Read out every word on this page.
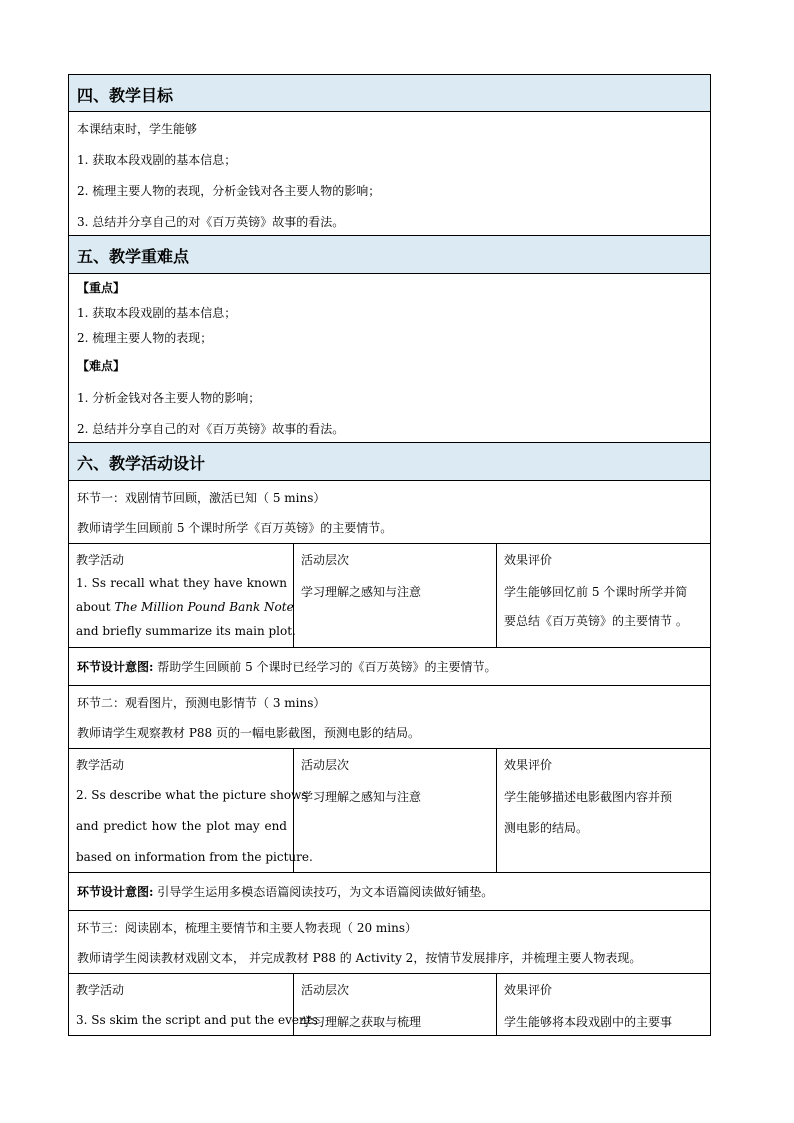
四、教学目标
本课结束时，学生能够
1. 获取本段戏剧的基本信息；
2. 梳理主要人物的表现，分析金钱对各主要人物的影响；
3. 总结并分享自己的对《百万英镑》故事的看法。
五、教学重难点
【重点】
1. 获取本段戏剧的基本信息；
2. 梳理主要人物的表现；
【难点】
1. 分析金钱对各主要人物的影响；
2. 总结并分享自己的对《百万英镑》故事的看法。
六、教学活动设计
环节一：戏剧情节回顾，激活已知（ 5 mins）
教师请学生回顾前 5 个课时所学《百万英镑》的主要情节。
教学活动
1. Ss recall what they have known
about The Million Pound Bank Note
and briefly summarize its main plot.
活动层次
学习理解之感知与注意
效果评价
学生能够回忆前 5 个课时所学并简
要总结《百万英镑》的主要情节 。
环节设计意图: 帮助学生回顾前 5 个课时已经学习的《百万英镑》的主要情节。
环节二：观看图片，预测电影情节（ 3 mins）
教师请学生观察教材 P88 页的一幅电影截图，预测电影的结局。
教学活动
2. Ss describe what the picture shows
and predict how the plot may end
based on information from the picture.
活动层次
学习理解之感知与注意
效果评价
学生能够描述电影截图内容并预
测电影的结局。
环节设计意图: 引导学生运用多模态语篇阅读技巧，为文本语篇阅读做好铺垫。
环节三：阅读剧本，梳理主要情节和主要人物表现（ 20 mins）
教师请学生阅读教材戏剧文本， 并完成教材 P88 的 Activity 2，按情节发展排序，并梳理主要人物表现。
教学活动
3. Ss skim the script and put the events
活动层次
学习理解之获取与梳理
效果评价
学生能够将本段戏剧中的主要事
